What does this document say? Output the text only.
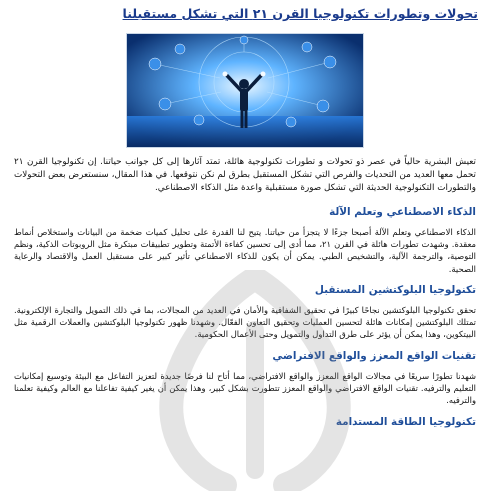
تحولات وتطورات تكنولوجيا القرن ٢١ التي تشكل مستقبلنا

تعيش البشرية حالياً في عصر ذو تحولات و تطورات تكنولوجية هائلة، تمتد آثارها إلى كل جوانب حياتنا. إن تكنولوجيا القرن ٢١ تحمل معها العديد من التحديات والفرص التي تشكل المستقبل بطرق لم نكن نتوقعها. في هذا المقال، سنستعرض بعض التحولات والتطورات التكنولوجية الحديثة التي تشكل صورة مستقبلية واعدة مثل الذكاء الاصطناعي.

الذكاء الاصطناعي وتعلم الآلة

الذكاء الاصطناعي وتعلم الآلة أصبحا جزءًا لا يتجزأ من حياتنا. يتيح لنا القدرة على تحليل كميات ضخمة من البيانات واستخلاص أنماط معقدة. وشهدت تطورات هائلة في القرن ٢١، مما أدى إلى تحسين كفاءة الأتمتة وتطوير تطبيقات مبتكرة مثل الروبوتات الذكية، ونظم التوصية، والترجمة الآلية، والتشخيص الطبي. يمكن أن يكون للذكاء الاصطناعي تأثير كبير على مستقبل العمل والاقتصاد والرعاية الصحية.

تكنولوجيا البلوكتشين المستقبل

تحقق تكنولوجيا البلوكتشين نجاحًا كبيرًا في تحقيق الشفافية والأمان في العديد من المجالات، بما في ذلك التمويل والتجارة الإلكترونية. تمتلك البلوكتشين إمكانات هائلة لتحسين العمليات وتحقيق التعاون الفعّال. وشهدنا ظهور تكنولوجيا البلوكتشين والعملات الرقمية مثل البيتكوين، وهذا يمكن أن يؤثر على طرق التداول والتمويل وحتى الأعمال الحكومية.

تقنيات الواقع المعزز والواقع الافتراضي

شهدنا تطورًا سريعًا في مجالات الواقع المعزز والواقع الافتراضي، مما أتاح لنا فرصًا جديدة لتعزيز التفاعل مع البيئة وتوسيع إمكانيات التعليم والترفيه. تقنيات الواقع الافتراضي والواقع المعزز تتطورت بشكل كبير، وهذا يمكن أن يغير كيفية تفاعلنا مع العالم وكيفية تعلمنا والترفيه.

تكنولوجيا الطاقة المستدامة
